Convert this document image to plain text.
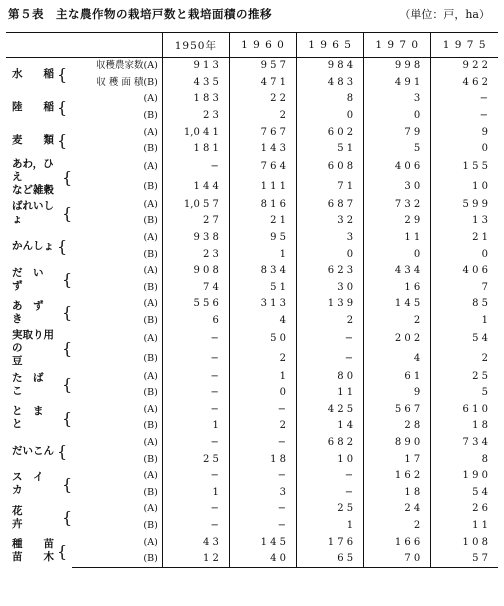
第５表　主な農作物の栽培戸数と栽培面積の推移	（単位：戸，ha）
		1950年	1 9 6 0	1 9 6 5	1 9 7 0	1 9 7 5

水　　稲 {	収穫農家数(A)	9 1 3	9 5 7	9 8 4	9 9 8	9 2 2
	収 穫 面 積(B)	4 3 5	4 7 1	4 8 3	4 9 1	4 6 2

陸　　稲 {	(A)	1 8 3	2 2	8	3	−
	(B)	2 3	2	0	0	−

麦　　類 {	(A)	1,0 4 1	7 6 7	6 0 2	7 9	9
	(B)	1 8 1	1 4 3	5 1	5	0

あわ，ひえ
など雑穀
{	(A)	−	7 6 4	6 0 8	4 0 6	1 5 5
	(B)	1 4 4	1 1 1	7 1	3 0	1 0

ばれいしょ {	(A)	1,0 5 7	8 1 6	6 8 7	7 3 2	5 9 9
	(B)	2 7	2 1	3 2	2 9	1 3

かんしょ {	(A)	9 3 8	9 5	3	1 1	2 1
	(B)	2 3	1	0	0	0

だ　い　ず {	(A)	9 0 8	8 3 4	6 2 3	4 3 4	4 0 6
	(B)	7 4	5 1	3 0	1 6	7

あ　ず　き {	(A)	5 5 6	3 1 3	1 3 9	1 4 5	8 5
	(B)	6	4	2	2	1

実取り用の
豆
{	(A)	−	5 0	−	2 0 2	5 4
	(B)	−	2	−	4	2

た　ば　こ {	(A)	−	1	8 0	6 1	2 5
	(B)	−	0	1 1	9	5

と　ま　と {	(A)	−	−	4 2 5	5 6 7	6 1 0
	(B)	1	2	1 4	2 8	1 8

だいこん {	(A)	−	−	6 8 2	8 9 0	7 3 4
	(B)	2 5	1 8	1 0	1 7	8

ス　イ　カ {	(A)	−	−	−	1 6 2	1 9 0
	(B)	1	3	−	1 8	5 4

花　　　卉 {	(A)	−	−	2 5	2 4	2 6
	(B)	−	−	1	2	1 1

種　　苗
苗　　木 {	(A)	4 3	1 4 5	1 7 6	1 6 6	1 0 8
	(B)	1 2	4 0	6 5	7 0	5 7
